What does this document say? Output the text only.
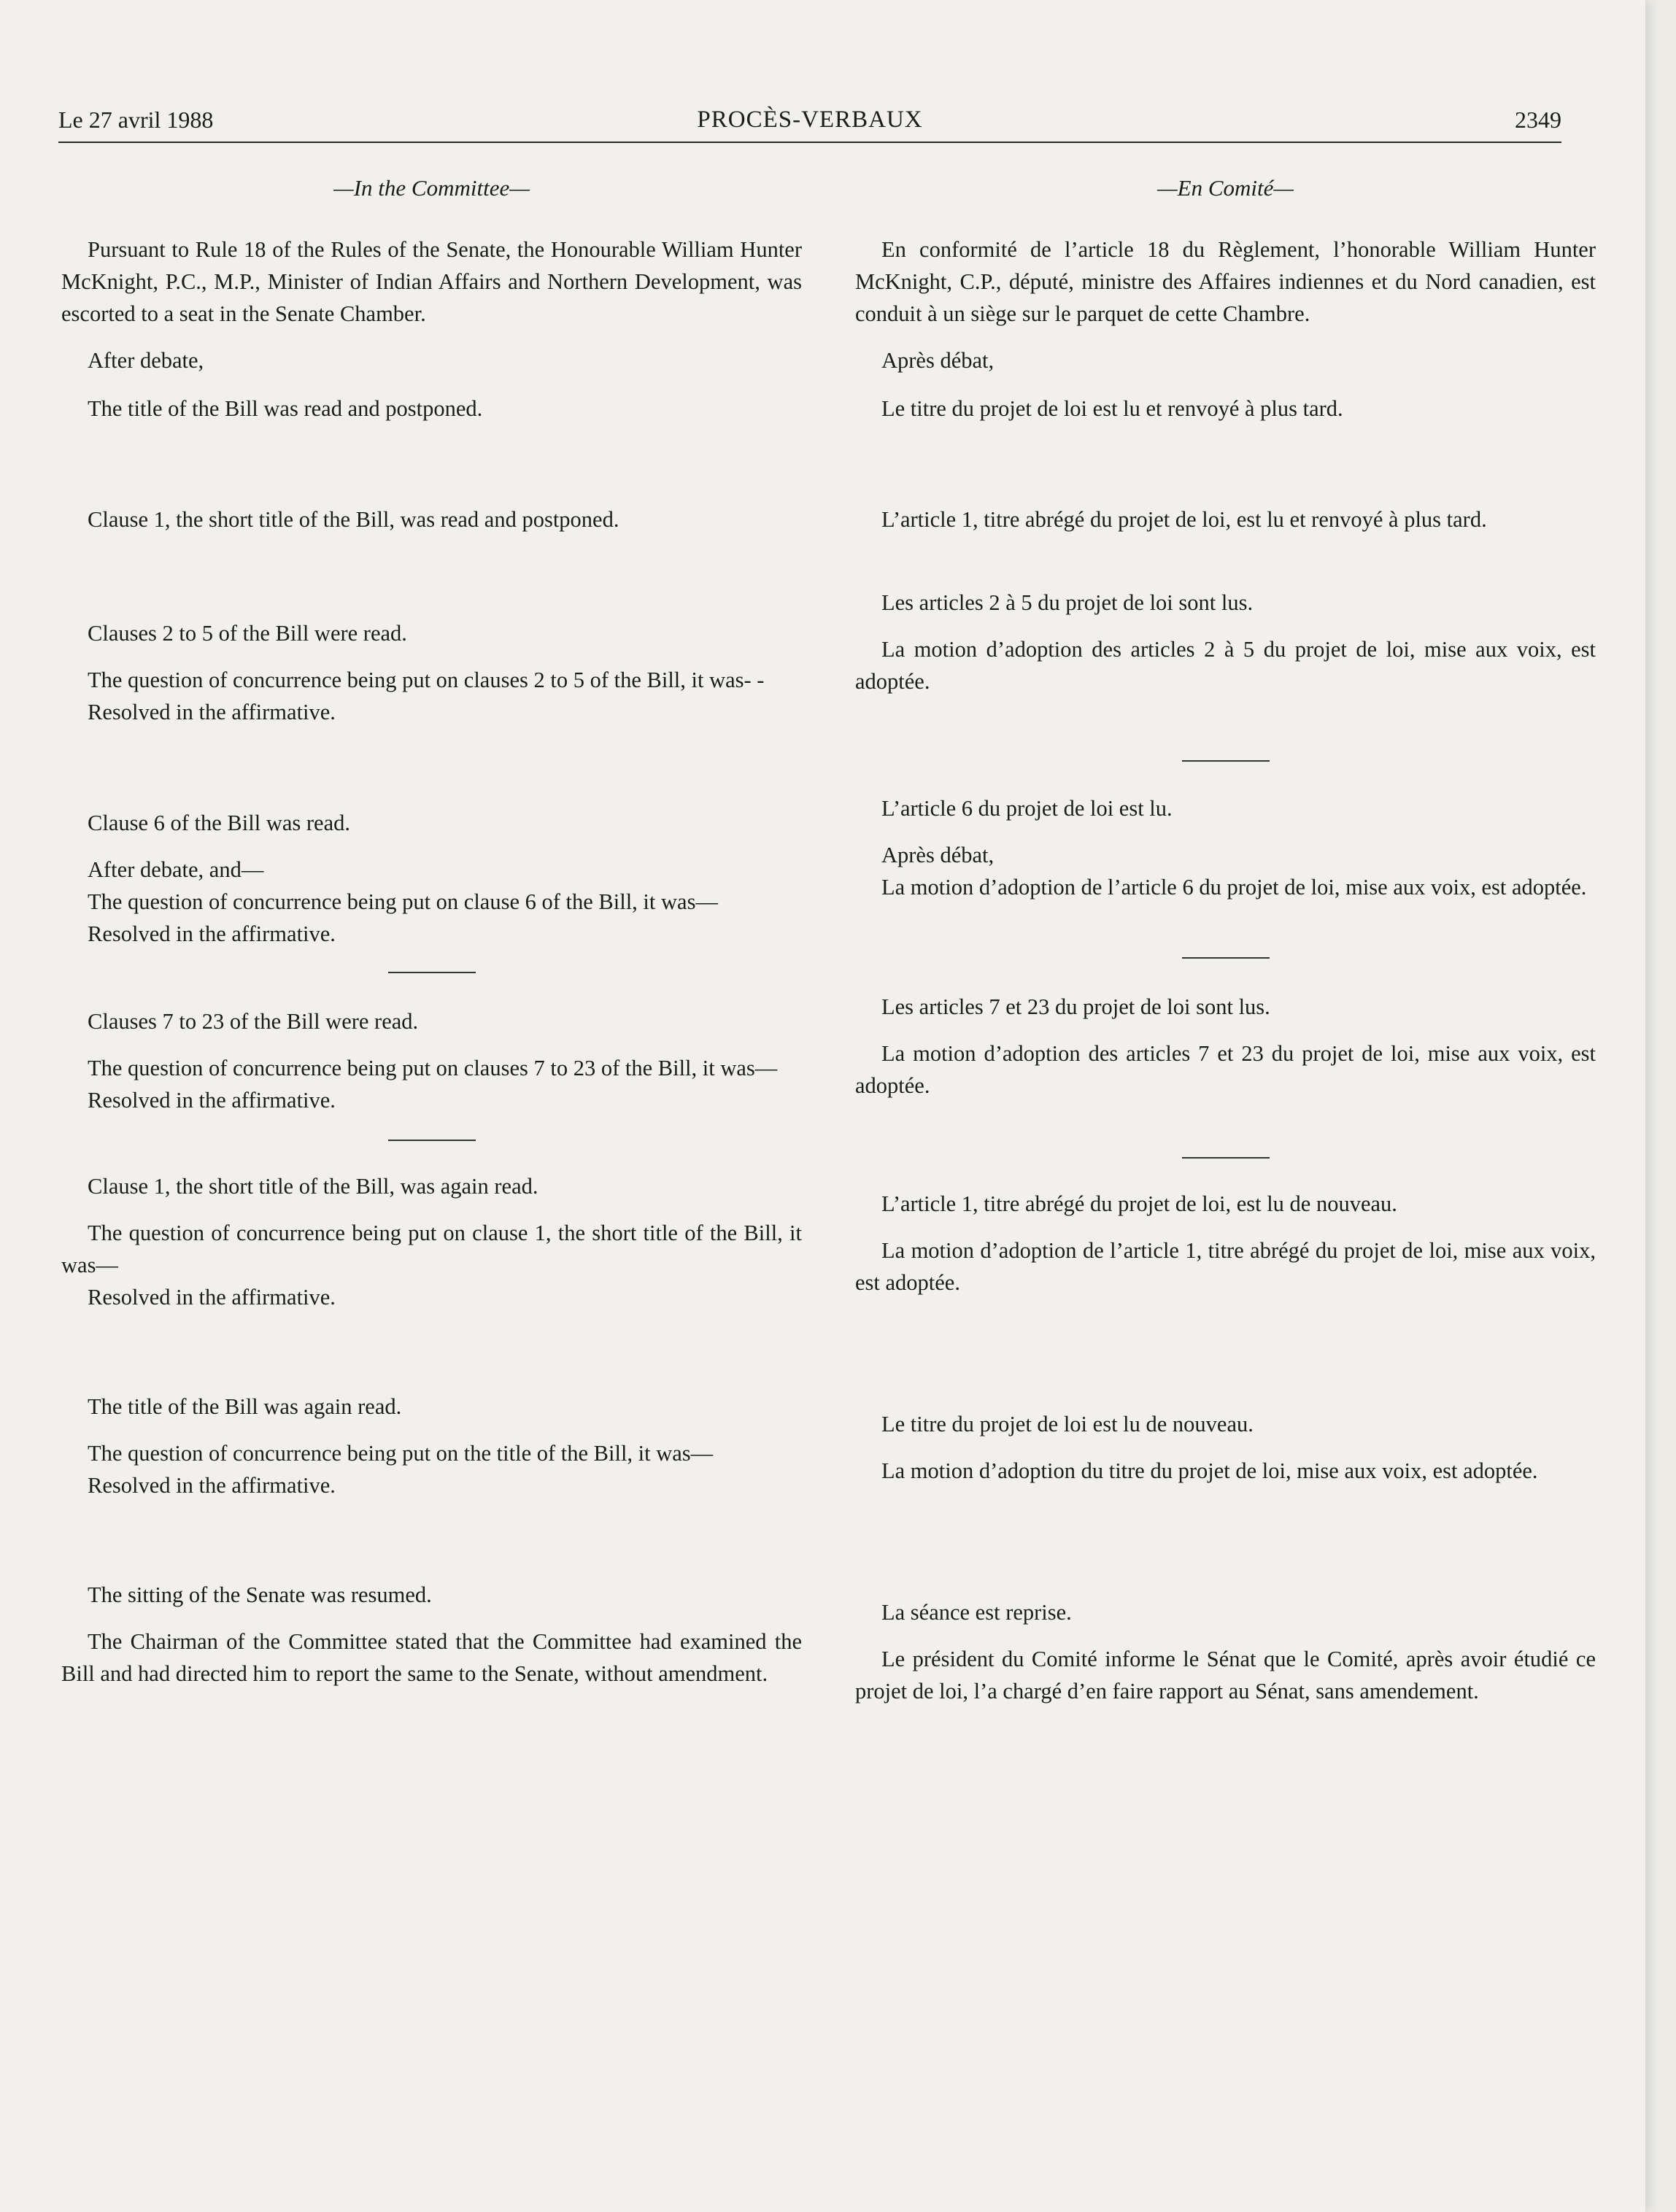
Le 27 avril 1988	PROCÈS-VERBAUX	2349
—In the Committee—

Pursuant to Rule 18 of the Rules of the Senate, the Honourable William Hunter McKnight, P.C., M.P., Minister of Indian Affairs and Northern Development, was escorted to a seat in the Senate Chamber.

After debate,

The title of the Bill was read and postponed.

Clause 1, the short title of the Bill, was read and postponed.

Clauses 2 to 5 of the Bill were read.

The question of concurrence being put on clauses 2 to 5 of the Bill, it was- -

Resolved in the affirmative.

Clause 6 of the Bill was read.

After debate, and—

The question of concurrence being put on clause 6 of the Bill, it was—

Resolved in the affirmative.

Clauses 7 to 23 of the Bill were read.

The question of concurrence being put on clauses 7 to 23 of the Bill, it was—

Resolved in the affirmative.

Clause 1, the short title of the Bill, was again read.

The question of concurrence being put on clause 1, the short title of the Bill, it was—

Resolved in the affirmative.

The title of the Bill was again read.

The question of concurrence being put on the title of the Bill, it was—

Resolved in the affirmative.

The sitting of the Senate was resumed.

The Chairman of the Committee stated that the Committee had examined the Bill and had directed him to report the same to the Senate, without amendment.

—En Comité—

En conformité de l’article 18 du Règlement, l’honorable William Hunter McKnight, C.P., député, ministre des Affaires indiennes et du Nord canadien, est conduit à un siège sur le parquet de cette Chambre.

Après débat,

Le titre du projet de loi est lu et renvoyé à plus tard.

L’article 1, titre abrégé du projet de loi, est lu et renvoyé à plus tard.

Les articles 2 à 5 du projet de loi sont lus.

La motion d’adoption des articles 2 à 5 du projet de loi, mise aux voix, est adoptée.

L’article 6 du projet de loi est lu.

Après débat,

La motion d’adoption de l’article 6 du projet de loi, mise aux voix, est adoptée.

Les articles 7 et 23 du projet de loi sont lus.

La motion d’adoption des articles 7 et 23 du projet de loi, mise aux voix, est adoptée.

L’article 1, titre abrégé du projet de loi, est lu de nouveau.

La motion d’adoption de l’article 1, titre abrégé du projet de loi, mise aux voix, est adoptée.

Le titre du projet de loi est lu de nouveau.

La motion d’adoption du titre du projet de loi, mise aux voix, est adoptée.

La séance est reprise.

Le président du Comité informe le Sénat que le Comité, après avoir étudié ce projet de loi, l’a chargé d’en faire rapport au Sénat, sans amendement.
